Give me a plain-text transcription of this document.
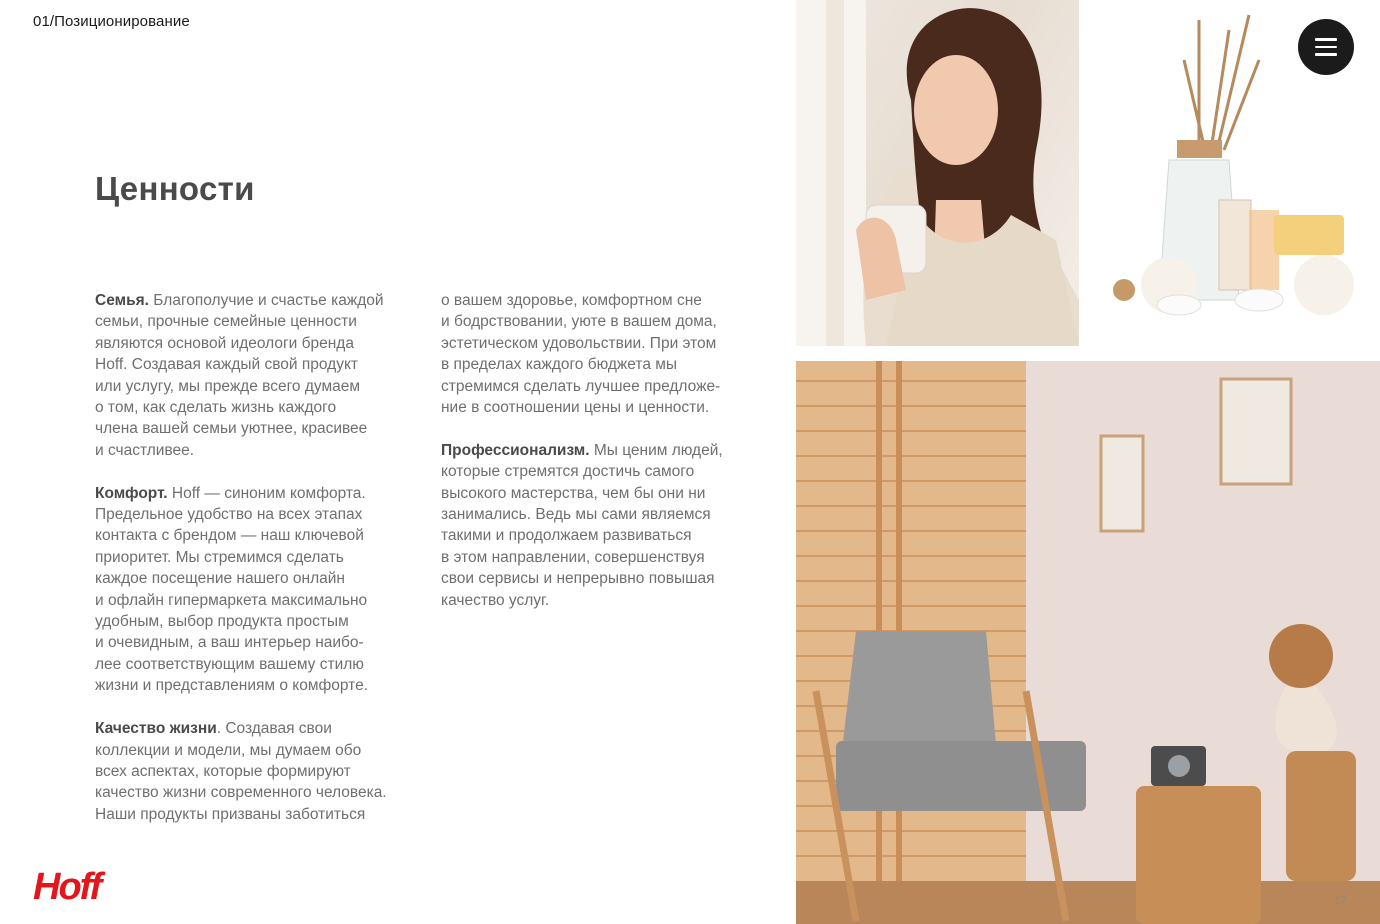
01/Позиционирование
Ценности

Семья. Благополучие и счастье каждой
семьи, прочные семейные ценности
являются основой идеологи бренда
Hoff. Создавая каждый свой продукт
или услугу, мы прежде всего думаем
о том, как сделать жизнь каждого
члена вашей семьи уютнее, красивее
и счастливее.

Комфорт. Hoff — синоним комфорта.
Предельное удобство на всех этапах
контакта с брендом — наш ключевой
приоритет. Мы стремимся сделать
каждое посещение нашего онлайн
и офлайн гипермаркета максимально
удобным, выбор продукта простым
и очевидным, а ваш интерьер наибо-
лее соответствующим вашему стилю
жизни и представлениям о комфорте.

Качество жизни. Создавая свои
коллекции и модели, мы думаем обо
всех аспектах, которые формируют
качество жизни современного человека.
Наши продукты призваны заботиться

о вашем здоровье, комфортном сне
и бодрствовании, уюте в вашем дома,
эстетическом удовольствии. При этом
в пределах каждого бюджета мы
стремимся сделать лучшее предложе-
ние в соотношении цены и ценности.

Профессионализм. Мы ценим людей,
которые стремятся достичь самого
высокого мастерства, чем бы они ни
занимались. Ведь мы сами являемся
такими и продолжаем развиваться
в этом направлении, совершенствуя
свои сервисы и непрерывно повышая
качество услуг.

Hoff	17
